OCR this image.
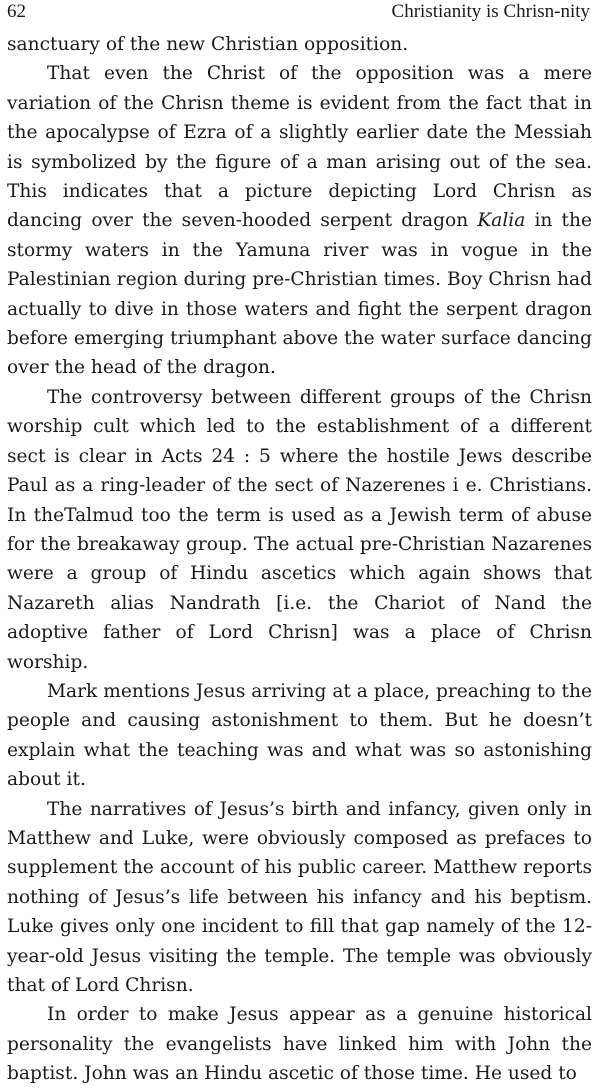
62	Christianity is Chrisn-nity

sanctuary of the new Christian opposition.

That even the Christ of the opposition was a mere variation of the Chrisn theme is evident from the fact that in the apocalypse of Ezra of a slightly earlier date the Messiah is symbolized by the figure of a man arising out of the sea. This indicates that a picture depicting Lord Chrisn as dancing over the seven-hooded serpent dragon Kalia in the stormy waters in the Yamuna river was in vogue in the Palestinian region during pre-Christian times. Boy Chrisn had actually to dive in those waters and fight the serpent dragon before emerging triumphant above the water surface dancing over the head of the dragon.

The controversy between different groups of the Chrisn worship cult which led to the establishment of a different sect is clear in Acts 24 : 5 where the hostile Jews describe Paul as a ring-leader of the sect of Nazerenes i e. Christians. In theTalmud too the term is used as a Jewish term of abuse for the breakaway group. The actual pre-Christian Nazarenes were a group of Hindu ascetics which again shows that Nazareth alias Nandrath [i.e. the Chariot of Nand the adoptive father of Lord Chrisn] was a place of Chrisn worship.

Mark mentions Jesus arriving at a place, preaching to the people and causing astonishment to them. But he doesn’t explain what the teaching was and what was so astonishing about it.

The narratives of Jesus’s birth and infancy, given only in Matthew and Luke, were obviously composed as prefaces to supplement the account of his public career. Matthew reports nothing of Jesus’s life between his infancy and his beptism. Luke gives only one incident to fill that gap namely of the 12- year-old Jesus visiting the temple. The temple was obviously that of Lord Chrisn.

In order to make Jesus appear as a genuine historical personality the evangelists have linked him with John the baptist. John was an Hindu ascetic of those time. He used to
